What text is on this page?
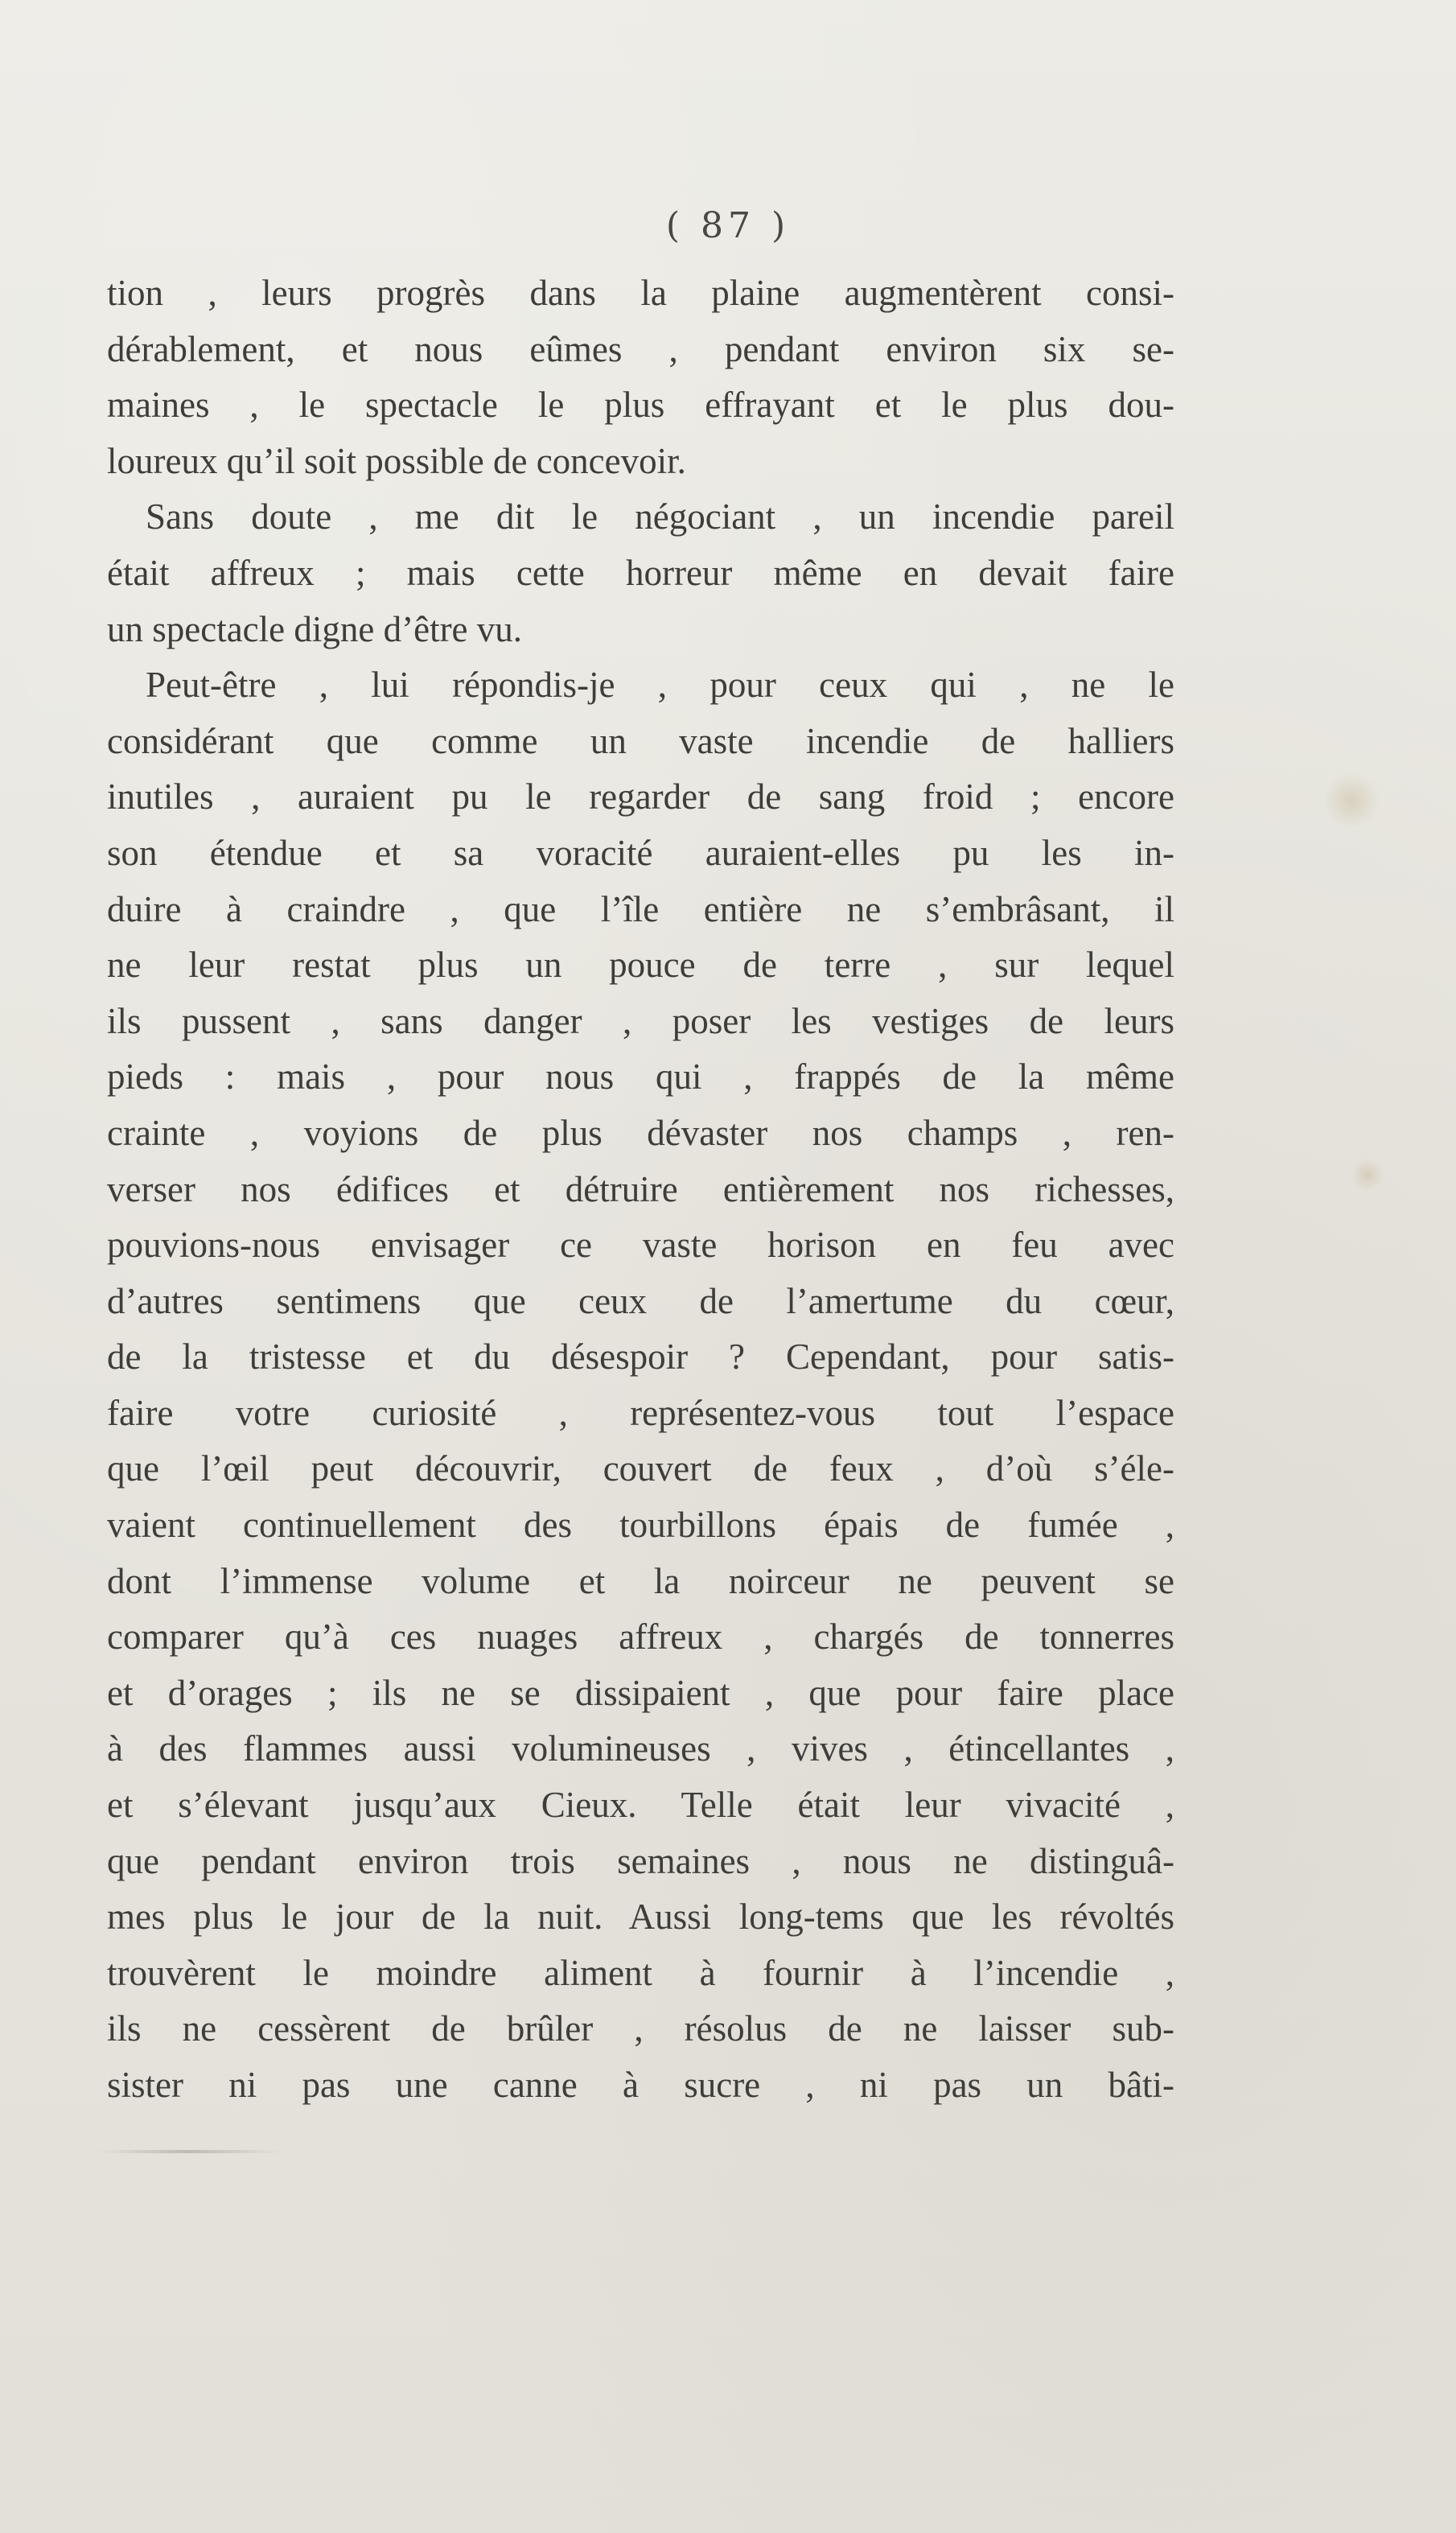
( 87 )
tion , leurs progrès dans la plaine augmentèrent consi-
dérablement, et nous eûmes , pendant environ six se-
maines , le spectacle le plus effrayant et le plus dou-
loureux qu’il soit possible de concevoir.
Sans doute , me dit le négociant , un incendie pareil
était affreux ; mais cette horreur même en devait faire
un spectacle digne d’être vu.
Peut-être , lui répondis-je , pour ceux qui , ne le
considérant que comme un vaste incendie de halliers
inutiles , auraient pu le regarder de sang froid ; encore
son étendue et sa voracité auraient-elles pu les in-
duire à craindre , que l’île entière ne s’embrâsant, il
ne leur restat plus un pouce de terre , sur lequel
ils pussent , sans danger , poser les vestiges de leurs
pieds : mais , pour nous qui , frappés de la même
crainte , voyions de plus dévaster nos champs , ren-
verser nos édifices et détruire entièrement nos richesses,
pouvions-nous envisager ce vaste horison en feu avec
d’autres sentimens que ceux de l’amertume du cœur,
de la tristesse et du désespoir ? Cependant, pour satis-
faire votre curiosité , représentez-vous tout l’espace
que l’œil peut découvrir, couvert de feux , d’où s’éle-
vaient continuellement des tourbillons épais de fumée ,
dont l’immense volume et la noirceur ne peuvent se
comparer qu’à ces nuages affreux , chargés de tonnerres
et d’orages ; ils ne se dissipaient , que pour faire place
à des flammes aussi volumineuses , vives , étincellantes ,
et s’élevant jusqu’aux Cieux. Telle était leur vivacité ,
que pendant environ trois semaines , nous ne distinguâ-
mes plus le jour de la nuit. Aussi long-tems que les révoltés
trouvèrent le moindre aliment à fournir à l’incendie ,
ils ne cessèrent de brûler , résolus de ne laisser sub-
sister ni pas une canne à sucre , ni pas un bâti-
